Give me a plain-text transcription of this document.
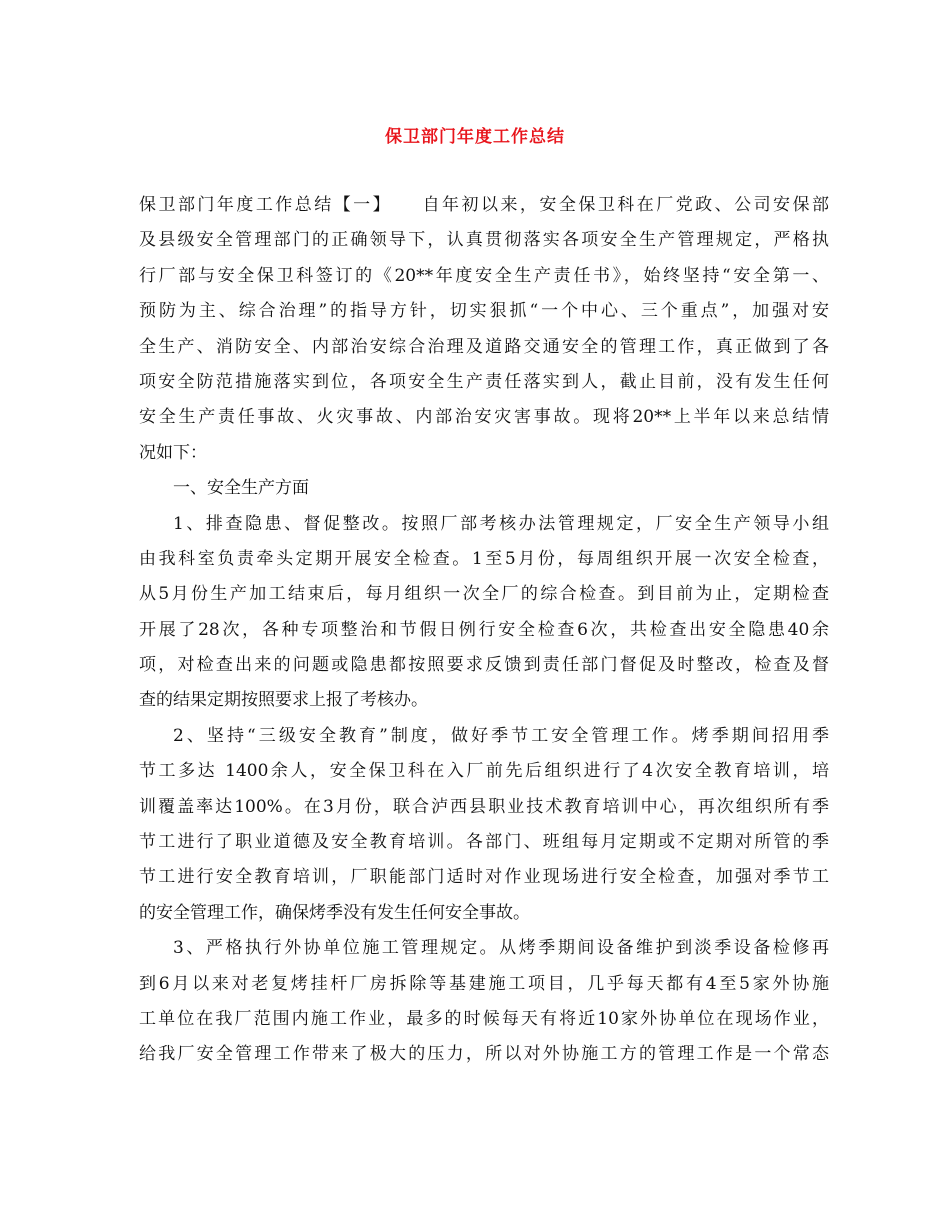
保卫部门年度工作总结
保卫部门年度工作总结【一】　　自年初以来，安全保卫科在厂党政、公司安保部
及县级安全管理部门的正确领导下，认真贯彻落实各项安全生产管理规定，严格执
行厂部与安全保卫科签订的《20**年度安全生产责任书》，始终坚持“安全第一、
预防为主、综合治理”的指导方针，切实狠抓“一个中心、三个重点”，加强对安
全生产、消防安全、内部治安综合治理及道路交通安全的管理工作，真正做到了各
项安全防范措施落实到位，各项安全生产责任落实到人，截止目前，没有发生任何
安全生产责任事故、火灾事故、内部治安灾害事故。现将20**上半年以来总结情
况如下：
一、安全生产方面
1、排查隐患、督促整改。按照厂部考核办法管理规定，厂安全生产领导小组
由我科室负责牵头定期开展安全检查。1至5月份，每周组织开展一次安全检查，
从5月份生产加工结束后，每月组织一次全厂的综合检查。到目前为止，定期检查
开展了28次，各种专项整治和节假日例行安全检查6次，共检查出安全隐患40余
项，对检查出来的问题或隐患都按照要求反馈到责任部门督促及时整改，检查及督
查的结果定期按照要求上报了考核办。
2、坚持“三级安全教育”制度，做好季节工安全管理工作。烤季期间招用季
节工多达 1400余人，安全保卫科在入厂前先后组织进行了4次安全教育培训，培
训覆盖率达100%。在3月份，联合泸西县职业技术教育培训中心，再次组织所有季
节工进行了职业道德及安全教育培训。各部门、班组每月定期或不定期对所管的季
节工进行安全教育培训，厂职能部门适时对作业现场进行安全检查，加强对季节工
的安全管理工作，确保烤季没有发生任何安全事故。
3、严格执行外协单位施工管理规定。从烤季期间设备维护到淡季设备检修再
到6月以来对老复烤挂杆厂房拆除等基建施工项目，几乎每天都有4至5家外协施
工单位在我厂范围内施工作业，最多的时候每天有将近10家外协单位在现场作业，
给我厂安全管理工作带来了极大的压力，所以对外协施工方的管理工作是一个常态
